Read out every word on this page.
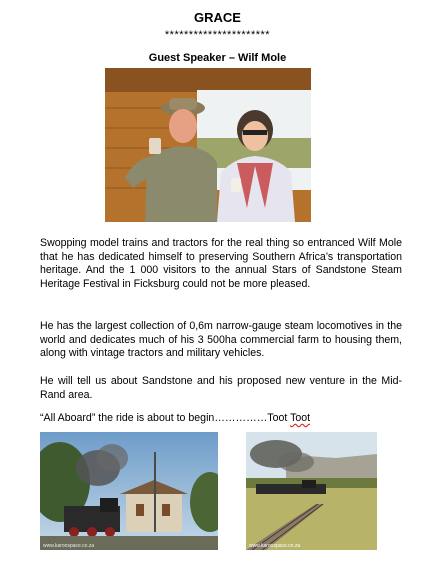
GRACE
**********************
Guest Speaker – Wilf Mole

Swopping model trains and tractors for the real thing so entranced Wilf Mole that he has dedicated himself to preserving Southern Africa’s transportation heritage. And the 1 000 visitors to the annual Stars of Sandstone Steam Heritage Festival in Ficksburg could not be more pleased.

He has the largest collection of 0,6m narrow-gauge steam locomotives in the world and dedicates much of his 3 500ha commercial farm to housing them, along with vintage tractors and military vehicles.

He will tell us about Sandstone and his proposed new venture in the Mid-Rand area.

“All Aboard” the ride is about to begin……………Toot Toot

www.karoospace.co.za	www.karoospace.co.za
